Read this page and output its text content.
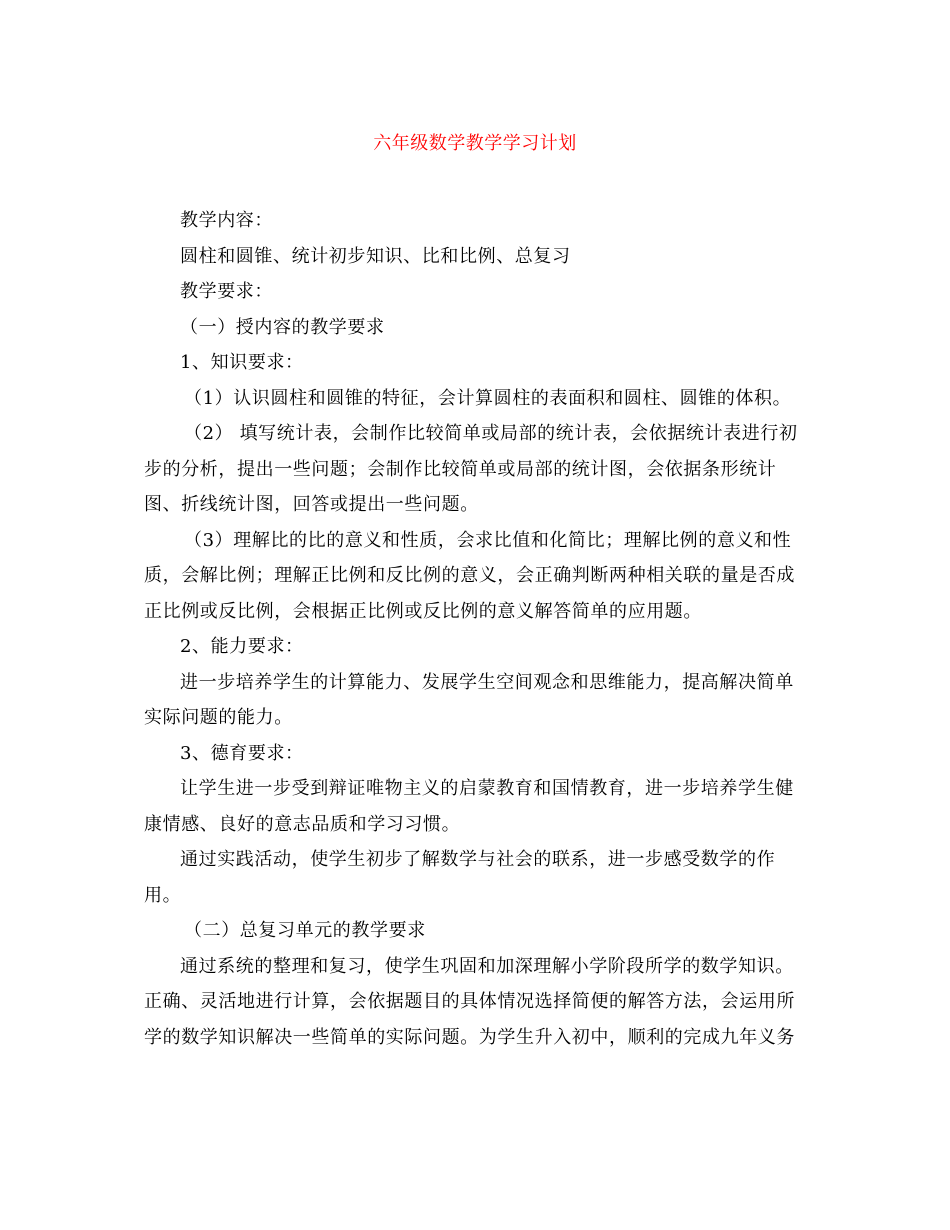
六年级数学教学学习计划

教学内容：

圆柱和圆锥、统计初步知识、比和比例、总复习

教学要求：

（一）授内容的教学要求

1、知识要求：

（1）认识圆柱和圆锥的特征，会计算圆柱的表面积和圆柱、圆锥的体积。

（2） 填写统计表，会制作比较简单或局部的统计表，会依据统计表进行初步的分析，提出一些问题；会制作比较简单或局部的统计图，会依据条形统计图、折线统计图，回答或提出一些问题。

（3）理解比的比的意义和性质，会求比值和化简比；理解比例的意义和性质，会解比例；理解正比例和反比例的意义，会正确判断两种相关联的量是否成正比例或反比例，会根据正比例或反比例的意义解答简单的应用题。

2、能力要求：

进一步培养学生的计算能力、发展学生空间观念和思维能力，提高解决简单实际问题的能力。

3、德育要求：

让学生进一步受到辩证唯物主义的启蒙教育和国情教育，进一步培养学生健康情感、良好的意志品质和学习习惯。

通过实践活动，使学生初步了解数学与社会的联系，进一步感受数学的作用。

（二）总复习单元的教学要求

通过系统的整理和复习，使学生巩固和加深理解小学阶段所学的数学知识。正确、灵活地进行计算，会依据题目的具体情况选择简便的解答方法，会运用所学的数学知识解决一些简单的实际问题。为学生升入初中，顺利的完成九年义务
